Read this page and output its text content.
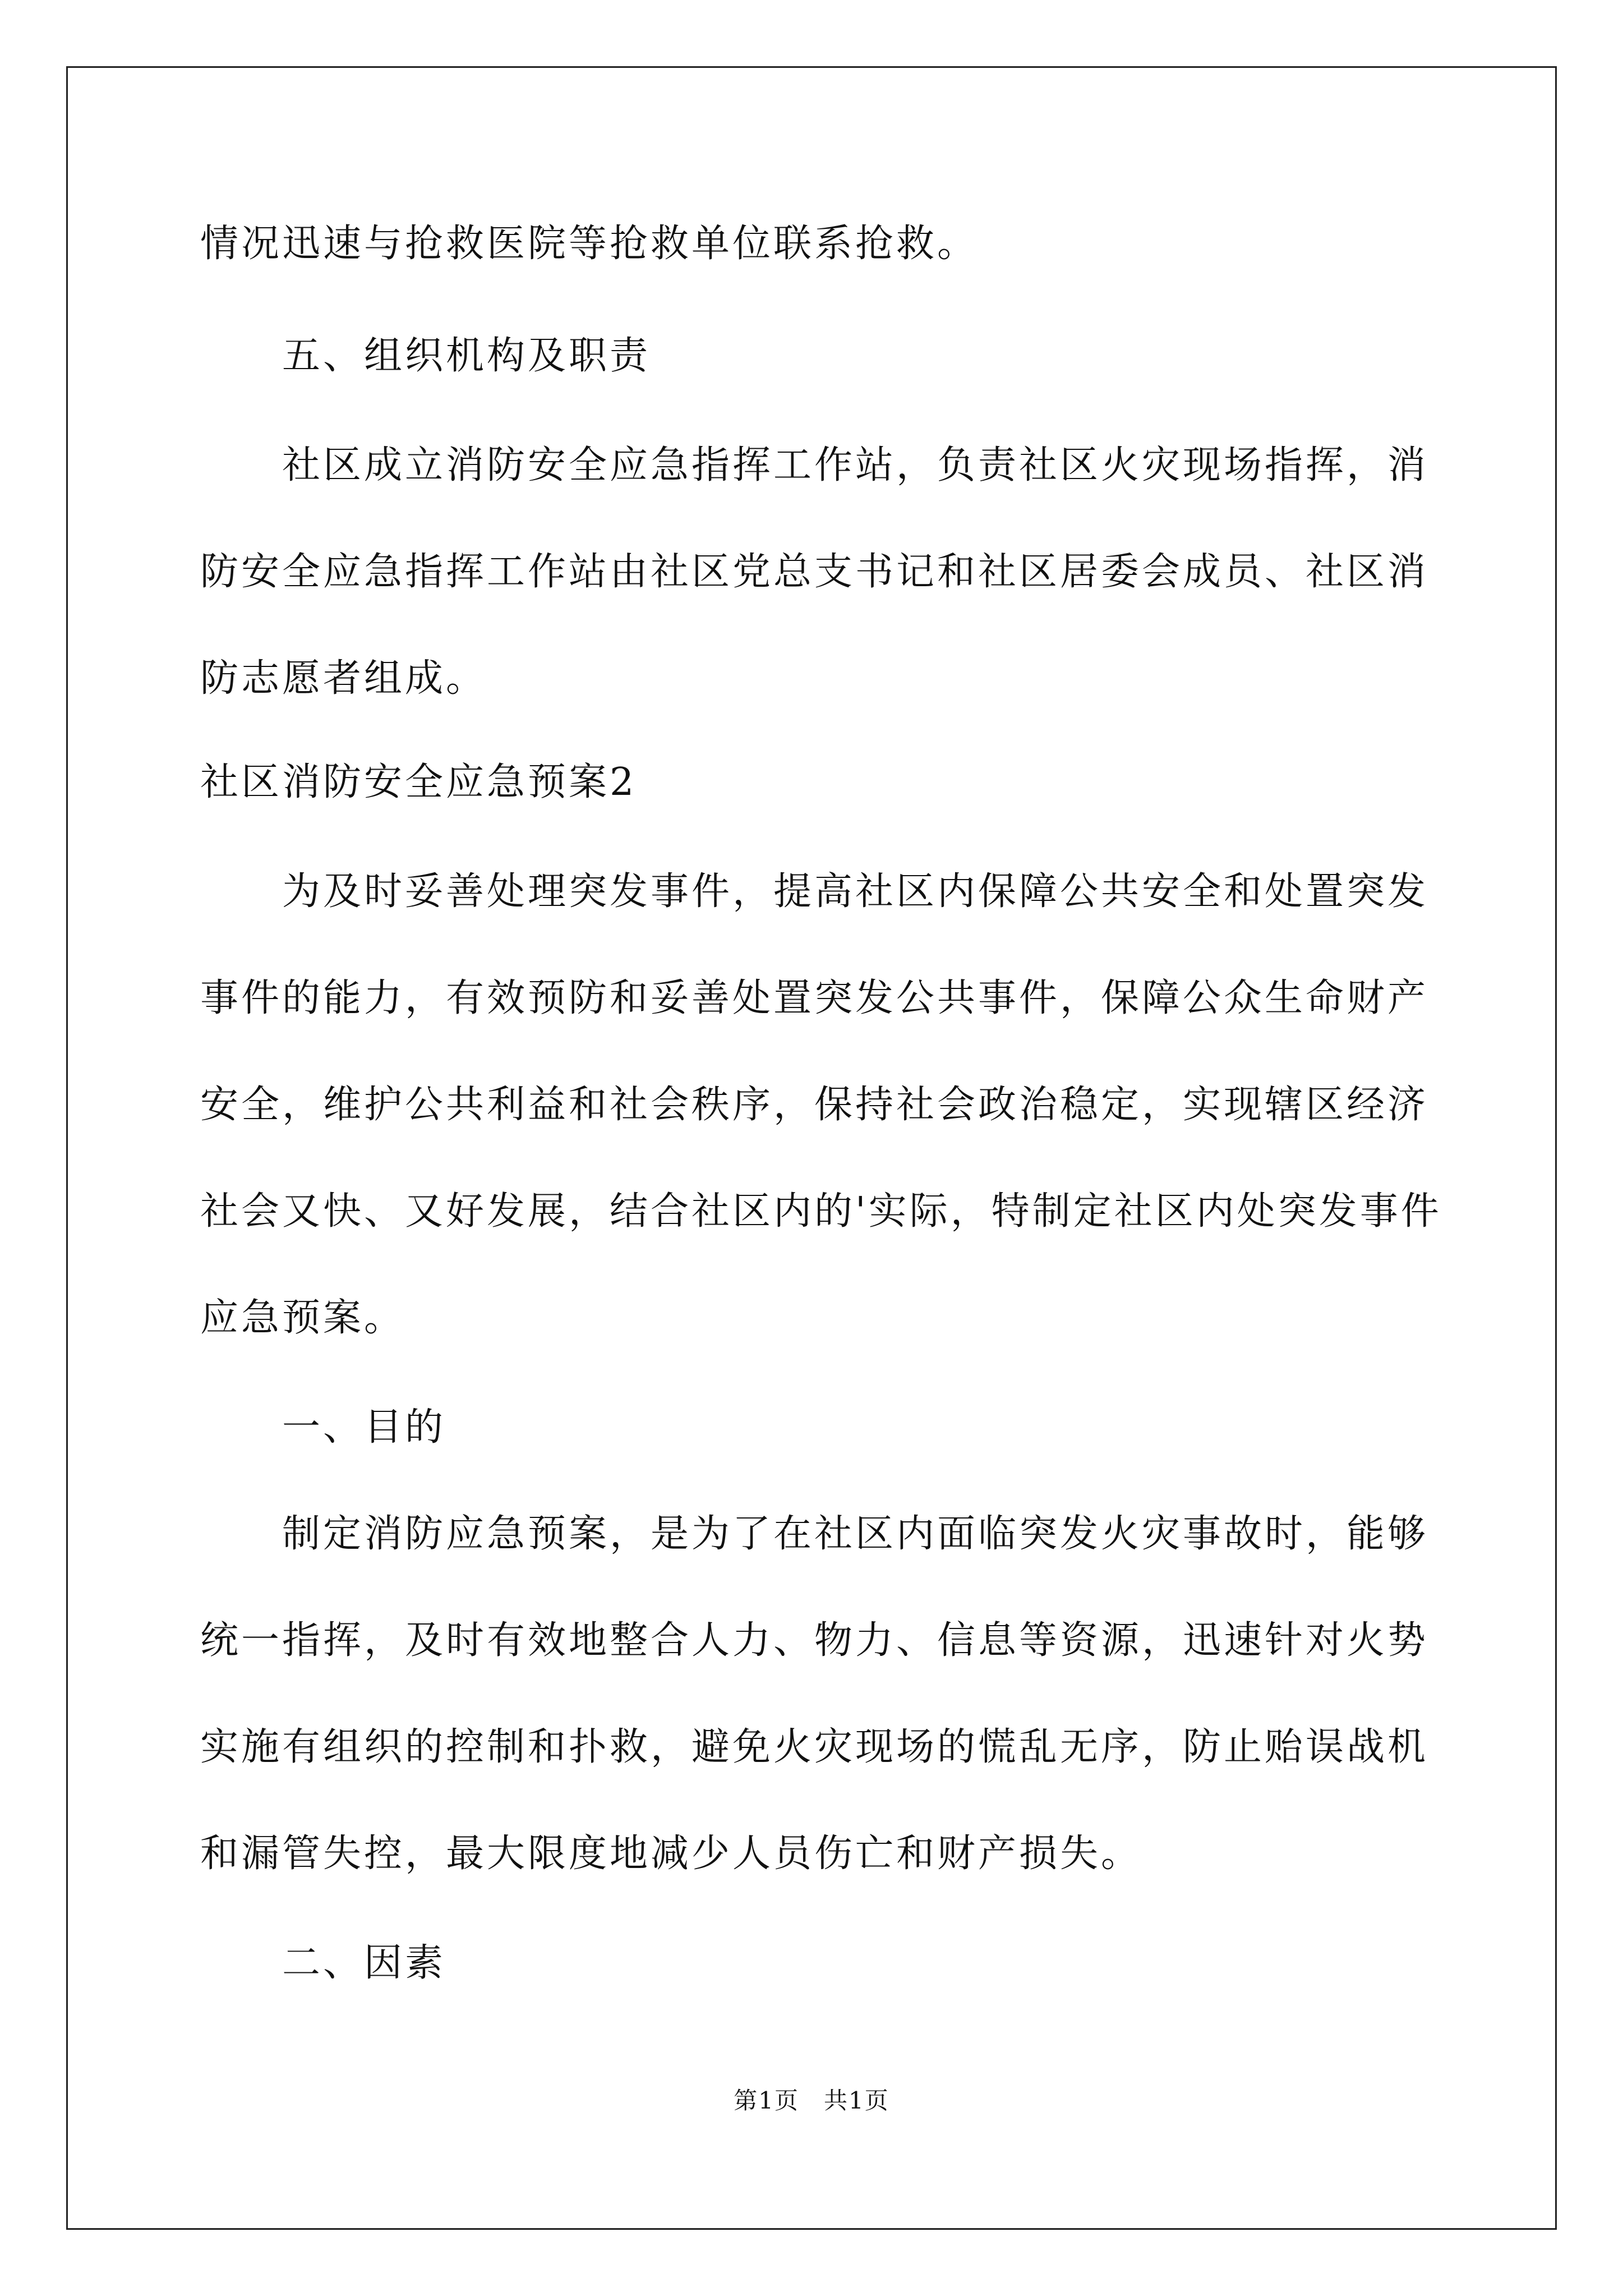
情况迅速与抢救医院等抢救单位联系抢救。
五、组织机构及职责
社区成立消防安全应急指挥工作站，负责社区火灾现场指挥，消
防安全应急指挥工作站由社区党总支书记和社区居委会成员、社区消
防志愿者组成。
社区消防安全应急预案2
为及时妥善处理突发事件，提高社区内保障公共安全和处置突发
事件的能力，有效预防和妥善处置突发公共事件，保障公众生命财产
安全，维护公共利益和社会秩序，保持社会政治稳定，实现辖区经济
社会又快、又好发展，结合社区内的'实际，特制定社区内处突发事件
应急预案。
一、目的
制定消防应急预案，是为了在社区内面临突发火灾事故时，能够
统一指挥，及时有效地整合人力、物力、信息等资源，迅速针对火势
实施有组织的控制和扑救，避免火灾现场的慌乱无序，防止贻误战机
和漏管失控，最大限度地减少人员伤亡和财产损失。
二、因素
第1页　共1页
